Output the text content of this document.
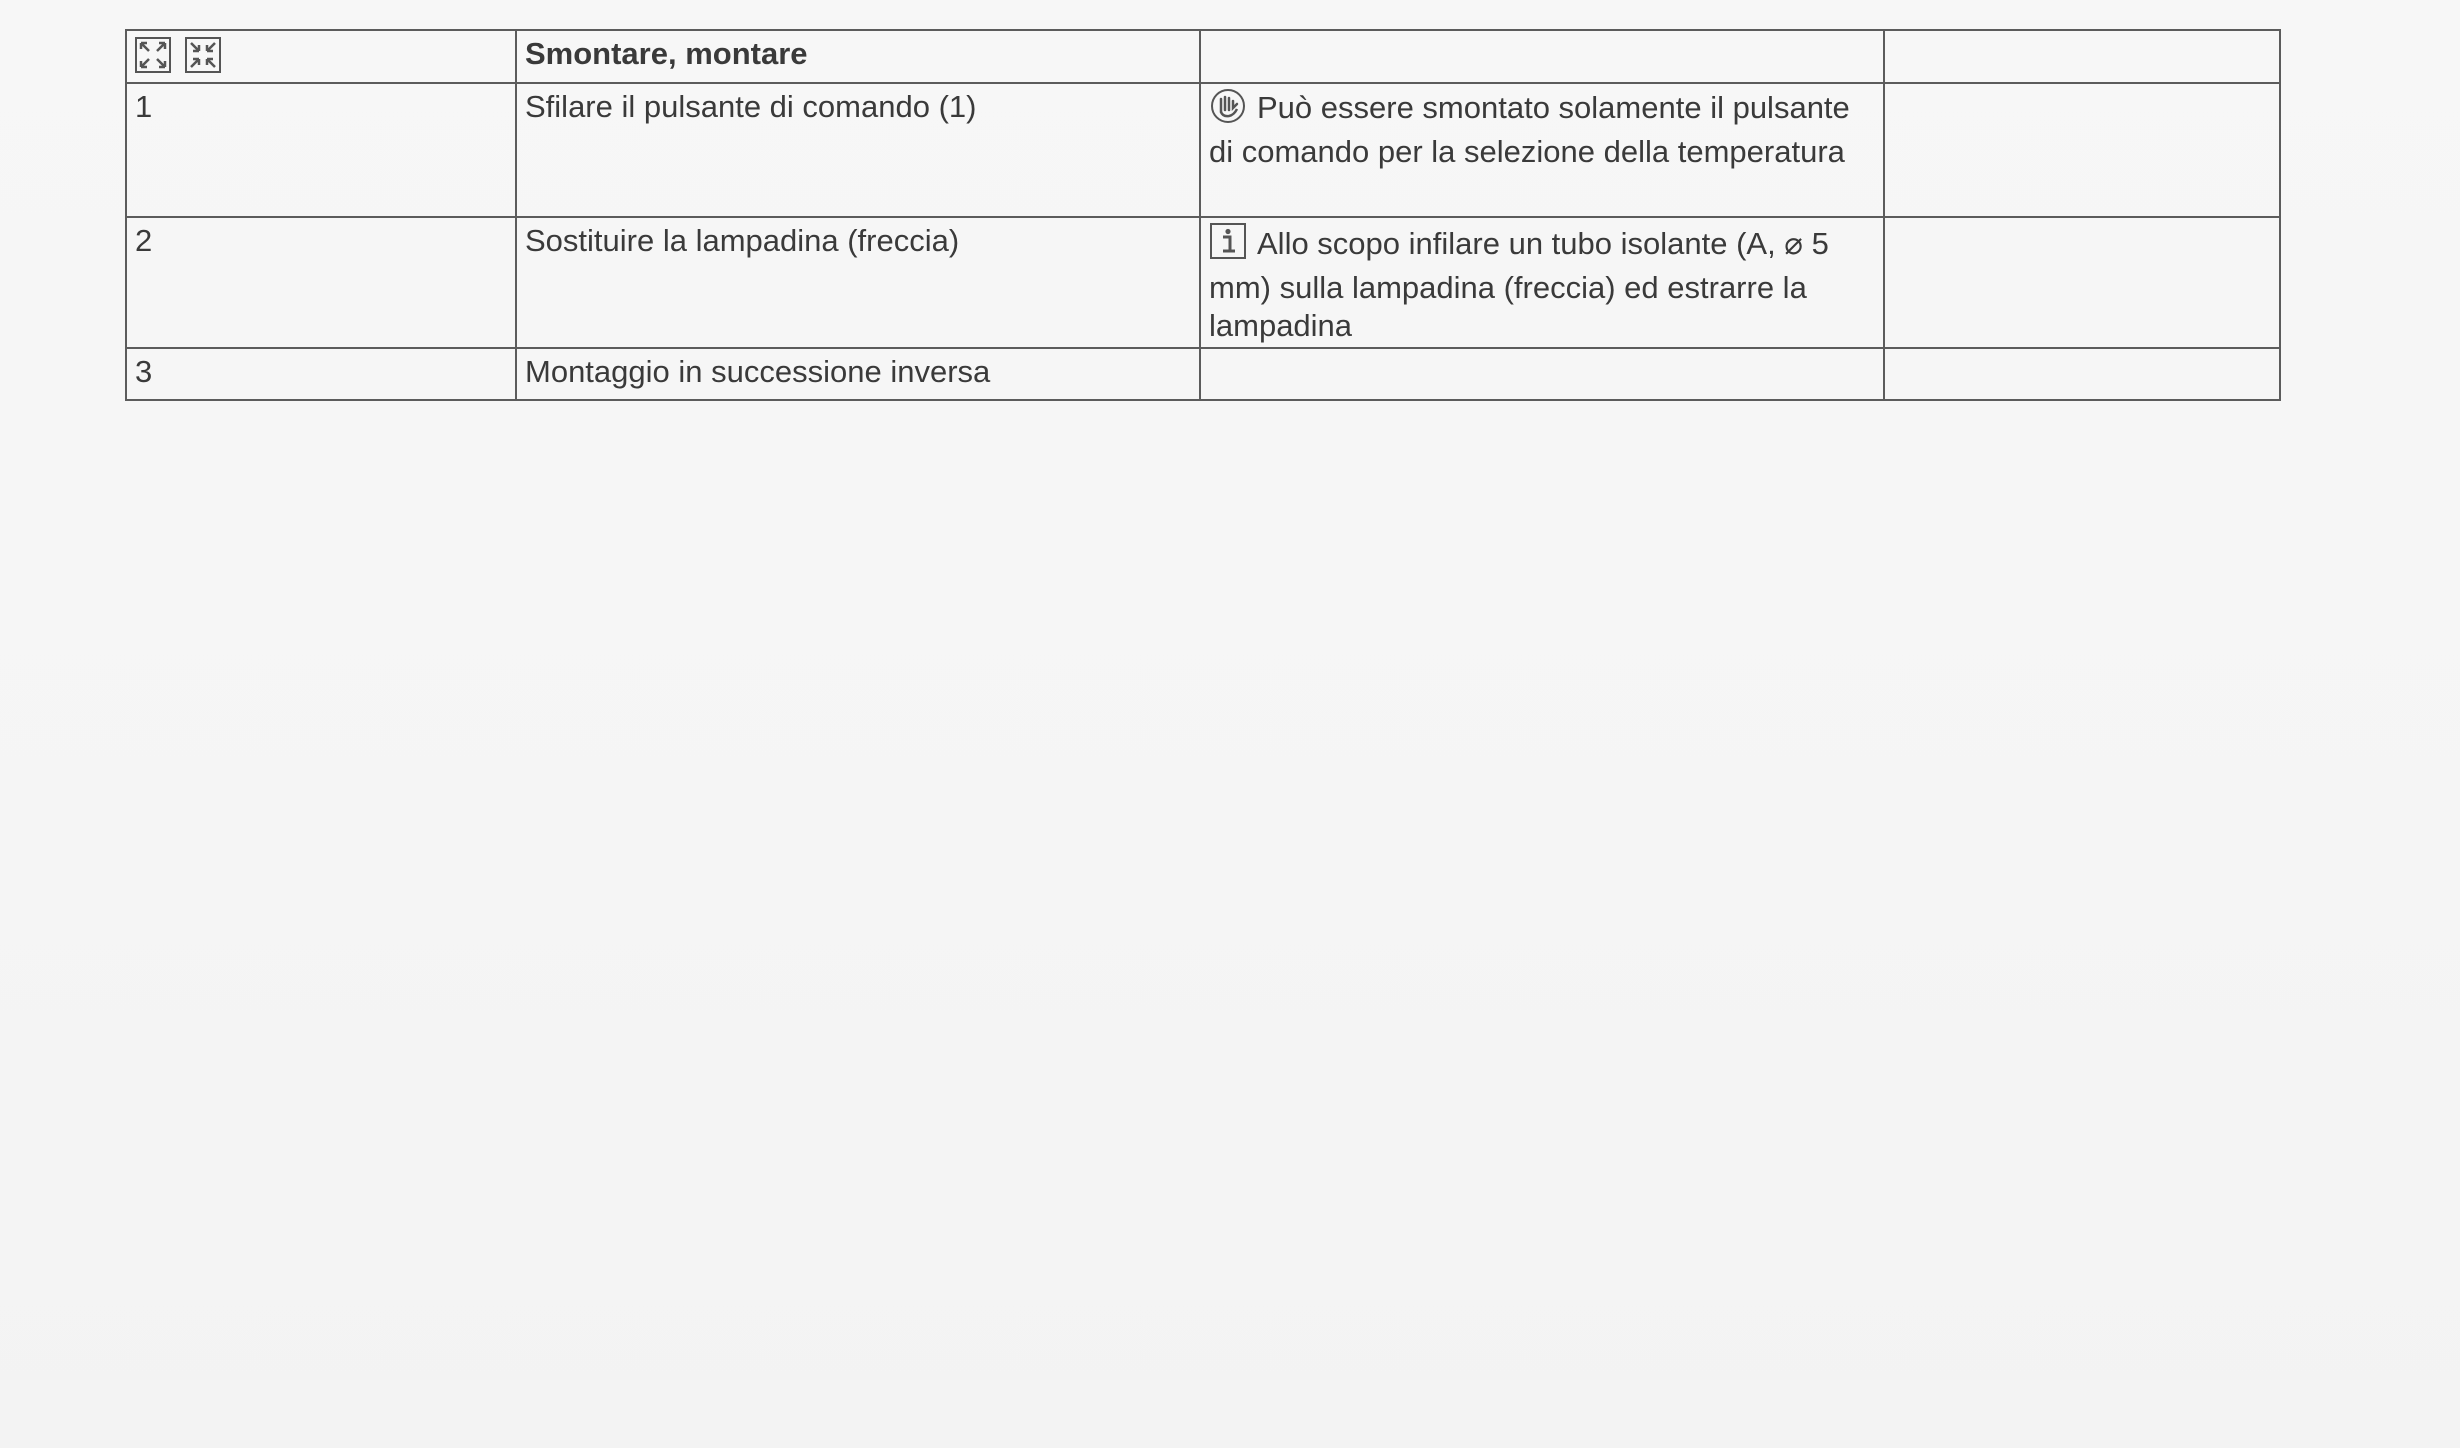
	Smontare, montare		
1	Sfilare il pulsante di comando (1)	Può essere smontato solamente il pulsante di comando per la selezione della temperatura	
2	Sostituire la lampadina (freccia)	Allo scopo infilare un tubo isolante (A, ⌀ 5 mm) sulla lampadina (freccia) ed estrarre la lampadina	
3	Montaggio in successione inversa		
